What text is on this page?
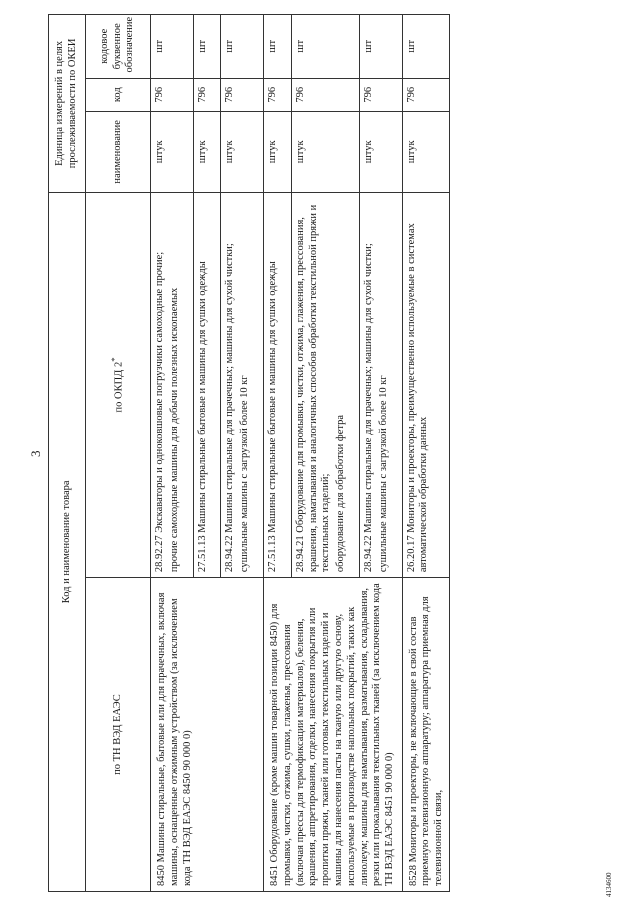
3
Код и наименование товара		Единица измерений в целях прослеживаемости по ОКЕИ		
по ТН ВЭД ЕАЭС	по ОКПД 2*	наименование	код	кодовое буквенное обозначение
8450 Машины стиральные, бытовые или для прачечных, включая машины, оснащенные отжимным устройством (за исключением кода ТН ВЭД ЕАЭС 8450 90 000 0)	28.92.27 Экскаваторы и одноковшовые погрузчики самоходные прочие; прочие самоходные машины для добычи полезных ископаемых	штук	796	шт

	27.51.13 Машины стиральные бытовые и машины для сушки одежды	штук	796	шт

	28.94.22 Машины стиральные для прачечных; машины для сухой чистки; сушильные машины с загрузкой более 10 кг	штук	796	шт
8451 Оборудование (кроме машин товарной позиции 8450) для промывки, чистки, отжима, сушки, глаженья, прессования (включая прессы для термофиксации материалов), беления, крашения, аппретирования, отделки, нанесения покрытия или пропитки пряжи, тканей или готовых текстильных изделий и машины для нанесения пасты на тканую или другую основу, используемые в производстве напольных покрытий, таких как линолеум; машины для наматывания, разматывания, складывания, резки или прокалывания текстильных тканей (за исключением кода ТН ВЭД ЕАЭС 8451 90 000 0)	27.51.13 Машины стиральные бытовые и машины для сушки одежды	штук	796	шт

	28.94.21 Оборудование для промывки, чистки, отжима, глажения, прессования, крашения, наматывания и аналогичных способов обработки текстильной пряжи и текстильных изделий; оборудование для обработки фетра	штук	796	шт

	28.94.22 Машины стиральные для прачечных; машины для сухой чистки; сушильные машины с загрузкой более 10 кг	штук	796	шт
8528 Мониторы и проекторы, не включающие в свой состав приемную телевизионную аппаратуру; аппаратура приемная для телевизионной связи,	26.20.17 Мониторы и проекторы, преимущественно используемые в системах автоматической обработки данных	штук	796	шт
4134600
